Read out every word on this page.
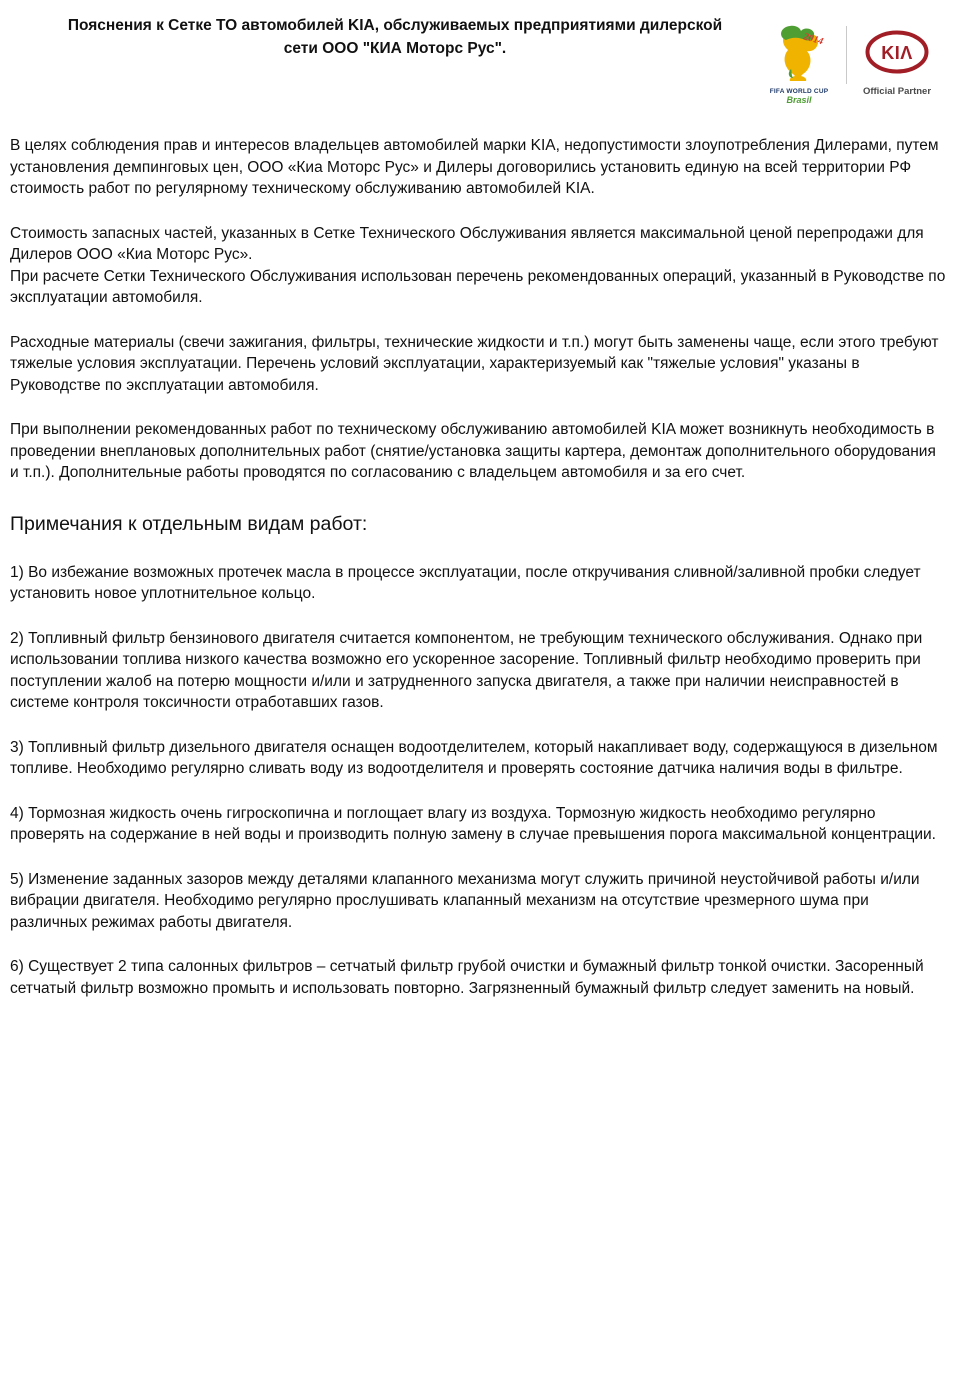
Пояснения к Сетке ТО автомобилей KIA, обслуживаемых предприятиями дилерской
сети ООО "КИА Моторс Рус".
2014
FIFA WORLD CUP
Brasil
KIΛ
Official Partner

В целях соблюдения прав и интересов владельцев автомобилей марки KIA, недопустимости злоупотребления Дилерами, путем установления демпинговых цен, ООО «Киа Моторс Рус» и Дилеры договорились установить единую на всей территории РФ стоимость работ по регулярному техническому обслуживанию автомобилей KIA.

Стоимость запасных частей, указанных в Сетке Технического Обслуживания является максимальной ценой перепродажи для Дилеров ООО «Киа Моторс Рус».

При расчете Сетки Технического Обслуживания использован перечень рекомендованных операций, указанный в Руководстве по эксплуатации автомобиля.

Расходные материалы (свечи зажигания, фильтры, технические жидкости и т.п.) могут быть заменены чаще, если этого требуют тяжелые условия эксплуатации. Перечень условий эксплуатации, характеризуемый как "тяжелые условия" указаны в Руководстве по эксплуатации автомобиля.

При выполнении рекомендованных работ по техническому обслуживанию автомобилей KIA может возникнуть необходимость в проведении внеплановых дополнительных работ (снятие/установка защиты картера, демонтаж дополнительного оборудования и т.п.). Дополнительные работы проводятся по согласованию с владельцем автомобиля и за его счет.

Примечания к отдельным видам работ:

1) Во избежание возможных протечек масла в процессе эксплуатации, после откручивания сливной/заливной пробки следует установить новое уплотнительное кольцо.

2) Топливный фильтр бензинового двигателя считается компонентом, не требующим технического обслуживания. Однако при использовании топлива низкого качества возможно его ускоренное засорение. Топливный фильтр необходимо проверить при поступлении жалоб на потерю мощности и/или и затрудненного запуска двигателя, а также при наличии неисправностей в системе контроля токсичности отработавших газов.

3) Топливный фильтр дизельного двигателя оснащен водоотделителем, который накапливает воду, содержащуюся в дизельном топливе. Необходимо регулярно сливать воду из водоотделителя и проверять состояние датчика наличия воды в фильтре.

4) Тормозная жидкость очень гигроскопична и поглощает влагу из воздуха. Тормозную жидкость необходимо регулярно проверять на содержание в ней воды и производить полную замену в случае превышения порога максимальной концентрации.

5) Изменение заданных зазоров между деталями клапанного механизма могут служить причиной неустойчивой работы и/или вибрации двигателя. Необходимо регулярно прослушивать клапанный механизм на отсутствие чрезмерного шума при различных режимах работы двигателя.

6) Существует 2 типа салонных фильтров – сетчатый фильтр грубой очистки и бумажный фильтр тонкой очистки. Засоренный сетчатый фильтр возможно промыть и использовать повторно. Загрязненный бумажный фильтр следует заменить на новый.
